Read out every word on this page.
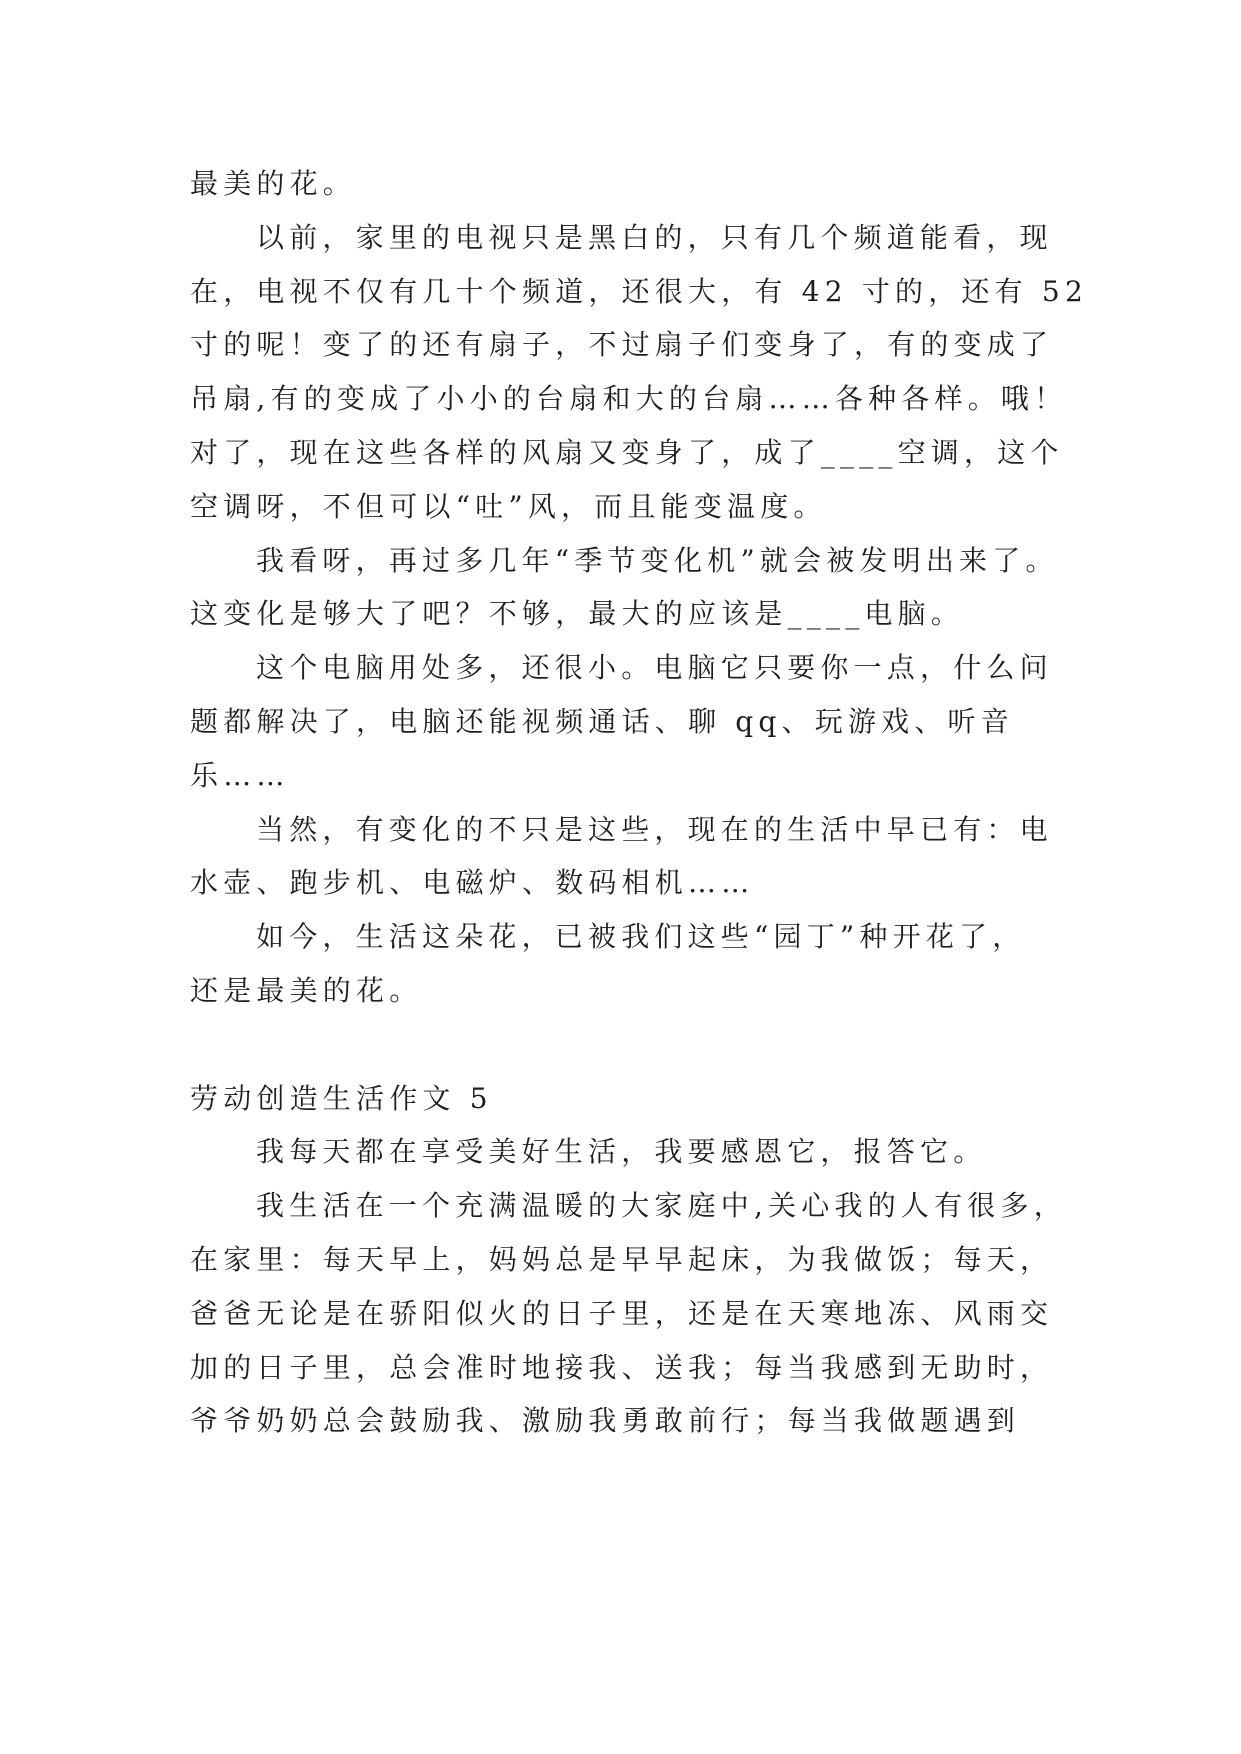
最美的花。
以前，家里的电视只是黑白的，只有几个频道能看，现
在，电视不仅有几十个频道，还很大，有 42 寸的，还有 52
寸的呢！变了的还有扇子，不过扇子们变身了，有的变成了
吊扇,有的变成了小小的台扇和大的台扇……各种各样。哦！
对了，现在这些各样的风扇又变身了，成了____空调，这个
空调呀，不但可以“吐”风，而且能变温度。
我看呀，再过多几年“季节变化机”就会被发明出来了。
这变化是够大了吧？不够，最大的应该是____电脑。
这个电脑用处多，还很小。电脑它只要你一点，什么问
题都解决了，电脑还能视频通话、聊 qq、玩游戏、听音
乐……
当然，有变化的不只是这些，现在的生活中早已有：电
水壶、跑步机、电磁炉、数码相机……
如今，生活这朵花，已被我们这些“园丁”种开花了，
还是最美的花。
劳动创造生活作文 5
我每天都在享受美好生活，我要感恩它，报答它。
我生活在一个充满温暖的大家庭中,关心我的人有很多，
在家里：每天早上，妈妈总是早早起床，为我做饭；每天，
爸爸无论是在骄阳似火的日子里，还是在天寒地冻、风雨交
加的日子里，总会准时地接我、送我；每当我感到无助时，
爷爷奶奶总会鼓励我、激励我勇敢前行；每当我做题遇到
